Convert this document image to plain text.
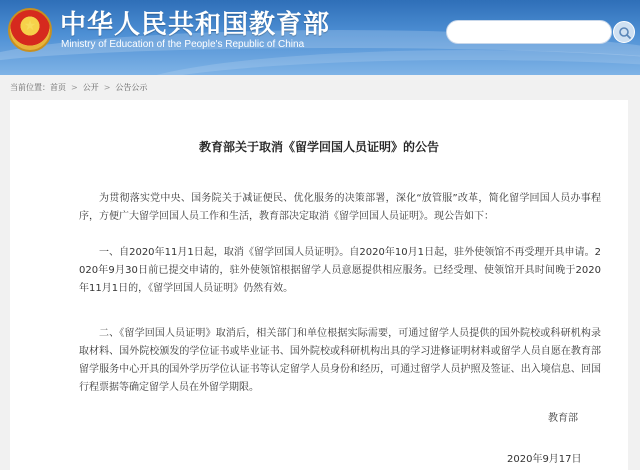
★ 中华人民共和国教育部
Ministry of Education of the People's Republic of China
当前位置：首页 > 公开 > 公告公示
教育部关于取消《留学回国人员证明》的公告

为贯彻落实党中央、国务院关于减证便民、优化服务的决策部署，深化“放管服”改革，简化留学回国人员办事程序，方便广大留学回国人员工作和生活，教育部决定取消《留学回国人员证明》。现公告如下：

一、自2020年11月1日起，取消《留学回国人员证明》。自2020年10月1日起，驻外使领馆不再受理开具申请。2020年9月30日前已提交申请的，驻外使领馆根据留学人员意愿提供相应服务。已经受理、使领馆开具时间晚于2020年11月1日的，《留学回国人员证明》仍然有效。

二、《留学回国人员证明》取消后，相关部门和单位根据实际需要，可通过留学人员提供的国外院校或科研机构录取材料、国外院校颁发的学位证书或毕业证书、国外院校或科研机构出具的学习进修证明材料或留学人员自愿在教育部留学服务中心开具的国外学历学位认证书等认定留学人员身份和经历，可通过留学人员护照及签证、出入境信息、回国行程票据等确定留学人员在外留学期限。

教育部
2020年9月17日
